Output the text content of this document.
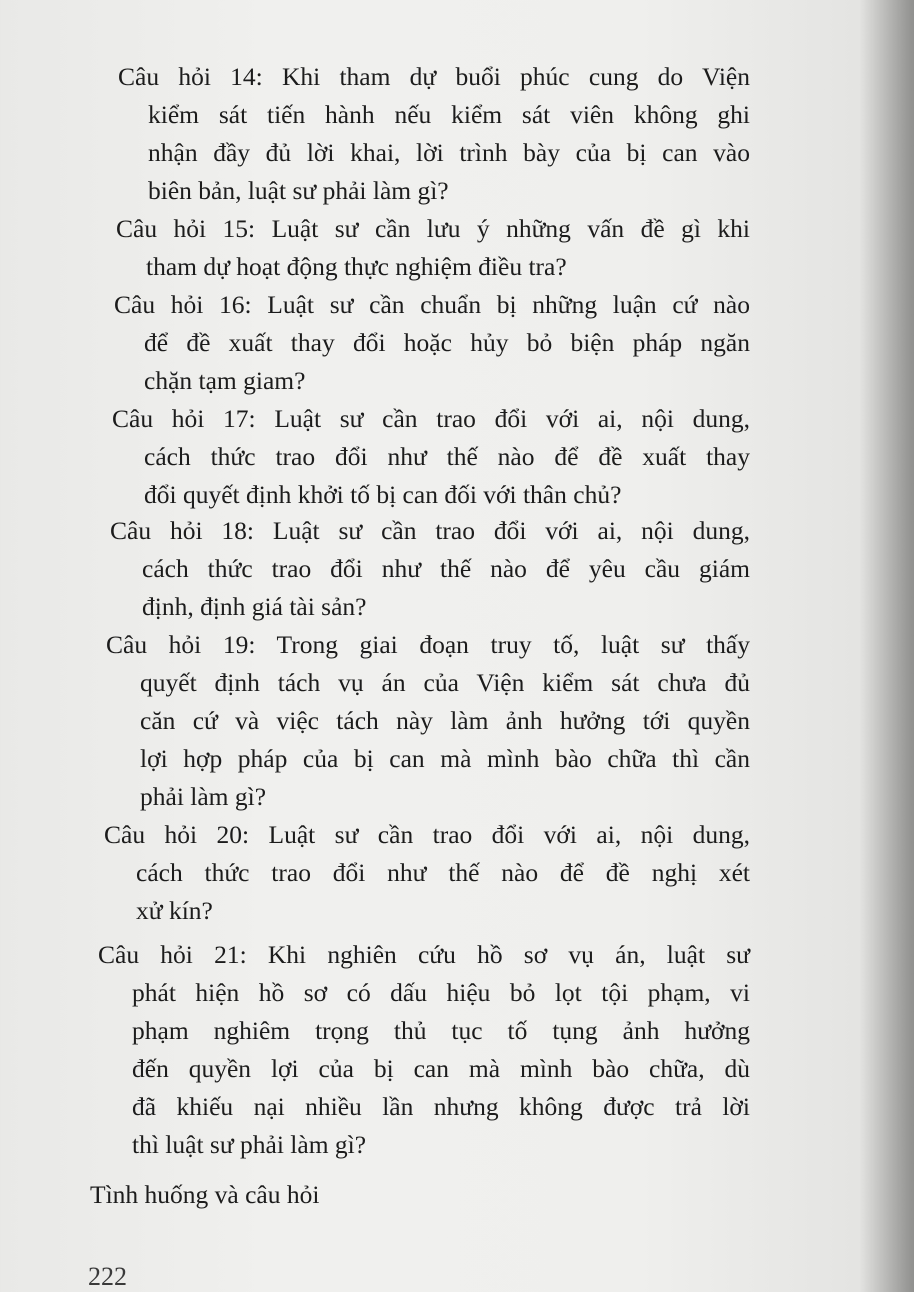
Câu hỏi 14: Khi tham dự buổi phúc cung do Viện
kiểm sát tiến hành nếu kiểm sát viên không ghi
nhận đầy đủ lời khai, lời trình bày của bị can vào
biên bản, luật sư phải làm gì?
Câu hỏi 15: Luật sư cần lưu ý những vấn đề gì khi
tham dự hoạt động thực nghiệm điều tra?
Câu hỏi 16: Luật sư cần chuẩn bị những luận cứ nào
để đề xuất thay đổi hoặc hủy bỏ biện pháp ngăn
chặn tạm giam?
Câu hỏi 17: Luật sư cần trao đổi với ai, nội dung,
cách thức trao đổi như thế nào để đề xuất thay
đổi quyết định khởi tố bị can đối với thân chủ?
Câu hỏi 18: Luật sư cần trao đổi với ai, nội dung,
cách thức trao đổi như thế nào để yêu cầu giám
định, định giá tài sản?
Câu hỏi 19: Trong giai đoạn truy tố, luật sư thấy
quyết định tách vụ án của Viện kiểm sát chưa đủ
căn cứ và việc tách này làm ảnh hưởng tới quyền
lợi hợp pháp của bị can mà mình bào chữa thì cần
phải làm gì?
Câu hỏi 20: Luật sư cần trao đổi với ai, nội dung,
cách thức trao đổi như thế nào để đề nghị xét
xử kín?
Câu hỏi 21: Khi nghiên cứu hồ sơ vụ án, luật sư
phát hiện hồ sơ có dấu hiệu bỏ lọt tội phạm, vi
phạm nghiêm trọng thủ tục tố tụng ảnh hưởng
đến quyền lợi của bị can mà mình bào chữa, dù
đã khiếu nại nhiều lần nhưng không được trả lời
thì luật sư phải làm gì?
Tình huống và câu hỏi
222
